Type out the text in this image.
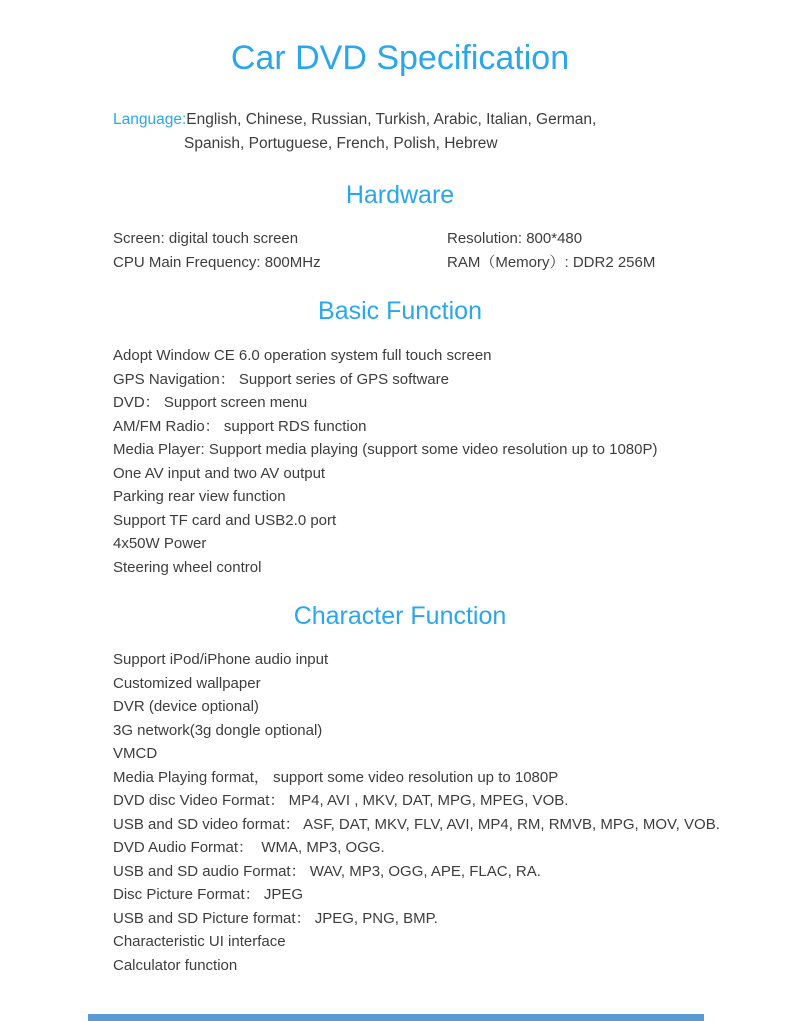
Car DVD Specification
Language:English, Chinese, Russian, Turkish, Arabic, Italian, German,
Spanish, Portuguese, French, Polish, Hebrew
Hardware
Screen: digital touch screen	Resolution: 800*480
CPU Main Frequency: 800MHz	RAM（Memory）: DDR2 256M
Basic Function
Adopt Window CE 6.0 operation system full touch screen
GPS Navigation： Support series of GPS software
DVD： Support screen menu
AM/FM Radio： support RDS function
Media Player: Support media playing (support some video resolution up to 1080P)
One AV input and two AV output
Parking rear view function
Support TF card and USB2.0 port
4x50W Power
Steering wheel control
Character Function
Support iPod/iPhone audio input
Customized wallpaper
DVR (device optional)
3G network(3g dongle optional)
VMCD
Media Playing format， support some video resolution up to 1080P
DVD disc Video Format： MP4, AVI , MKV, DAT, MPG, MPEG, VOB.
USB and SD video format： ASF, DAT, MKV, FLV, AVI, MP4, RM, RMVB, MPG, MOV, VOB.
DVD Audio Format：  WMA, MP3, OGG.
USB and SD audio Format： WAV, MP3, OGG, APE, FLAC, RA.
Disc Picture Format： JPEG
USB and SD Picture format： JPEG, PNG, BMP.
Characteristic UI interface
Calculator function
